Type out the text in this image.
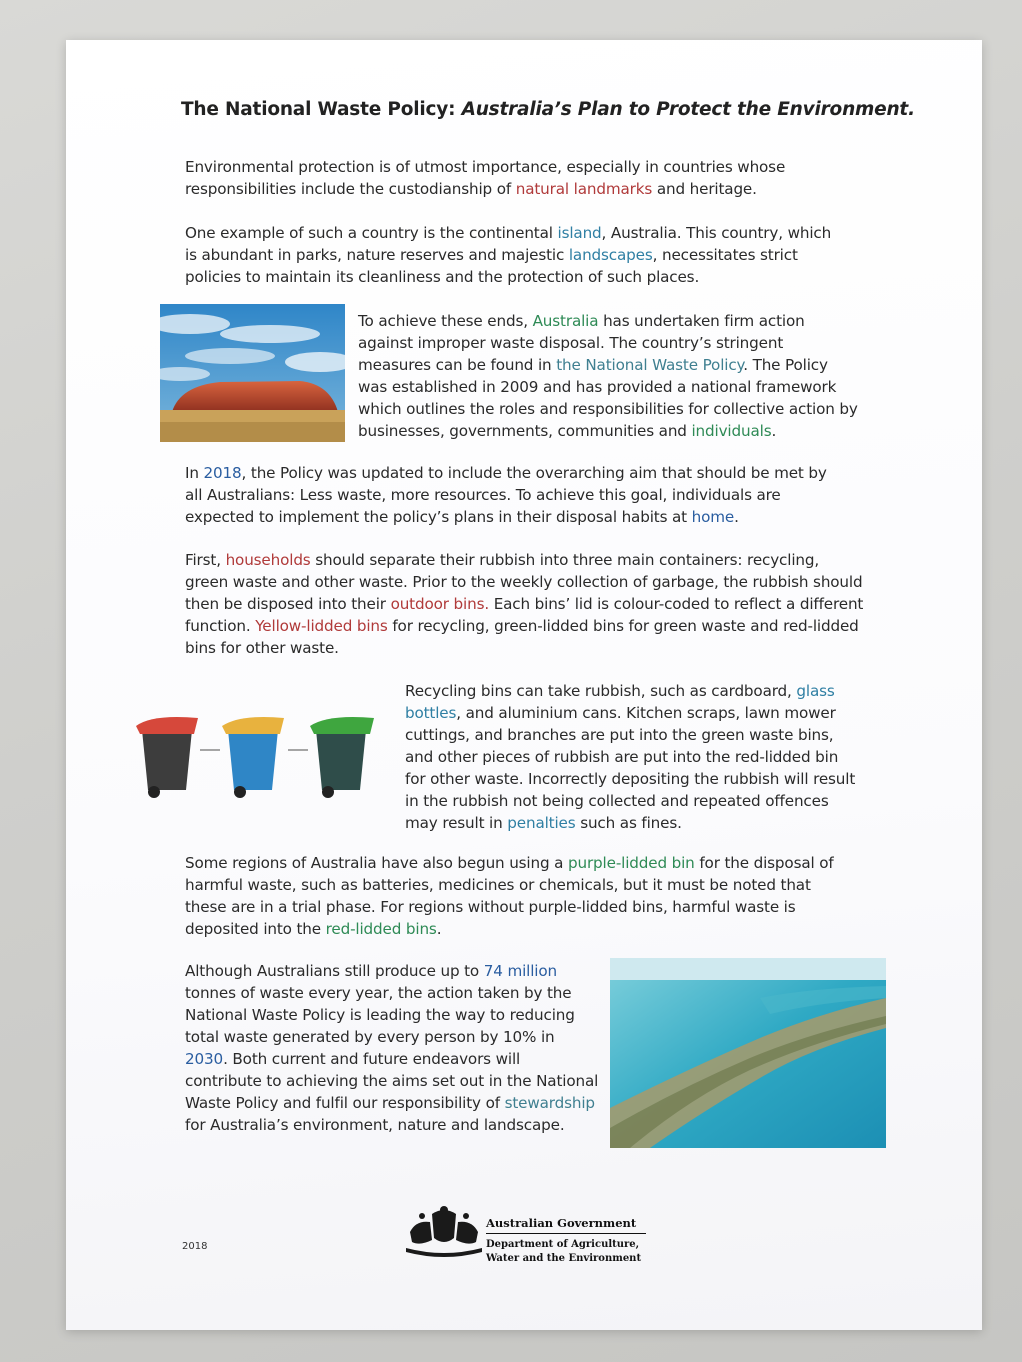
The National Waste Policy: Australia’s Plan to Protect the Environment.
Environmental protection is of utmost importance, especially in countries whose responsibilities include the custodianship of natural landmarks and heritage.
One example of such a country is the continental island, Australia. This country, which is abundant in parks, nature reserves and majestic landscapes, necessitates strict policies to maintain its cleanliness and the protection of such places.
To achieve these ends, Australia has undertaken firm action against improper waste disposal. The country’s stringent measures can be found in the National Waste Policy. The Policy was established in 2009 and has provided a national framework which outlines the roles and responsibilities for collective action by businesses, governments, communities and individuals.
In 2018, the Policy was updated to include the overarching aim that should be met by all Australians: Less waste, more resources. To achieve this goal, individuals are expected to implement the policy’s plans in their disposal habits at home.
First, households should separate their rubbish into three main containers: recycling, green waste and other waste. Prior to the weekly collection of garbage, the rubbish should then be disposed into their outdoor bins. Each bins’ lid is colour-coded to reflect a different function. Yellow-lidded bins for recycling, green-lidded bins for green waste and red-lidded bins for other waste.
Recycling bins can take rubbish, such as cardboard, glass bottles, and aluminium cans. Kitchen scraps, lawn mower cuttings, and branches are put into the green waste bins, and other pieces of rubbish are put into the red-lidded bin for other waste. Incorrectly depositing the rubbish will result in the rubbish not being collected and repeated offences may result in penalties such as fines.
Some regions of Australia have also begun using a purple-lidded bin for the disposal of harmful waste, such as batteries, medicines or chemicals, but it must be noted that these are in a trial phase. For regions without purple-lidded bins, harmful waste is deposited into the red-lidded bins.
Although Australians still produce up to 74 million tonnes of waste every year, the action taken by the National Waste Policy is leading the way to reducing total waste generated by every person by 10% in 2030. Both current and future endeavors will contribute to achieving the aims set out in the National Waste Policy and fulfil our responsibility of stewardship for Australia’s environment, nature and landscape.
2018
Australian Government
Department of Agriculture,
Water and the Environment
